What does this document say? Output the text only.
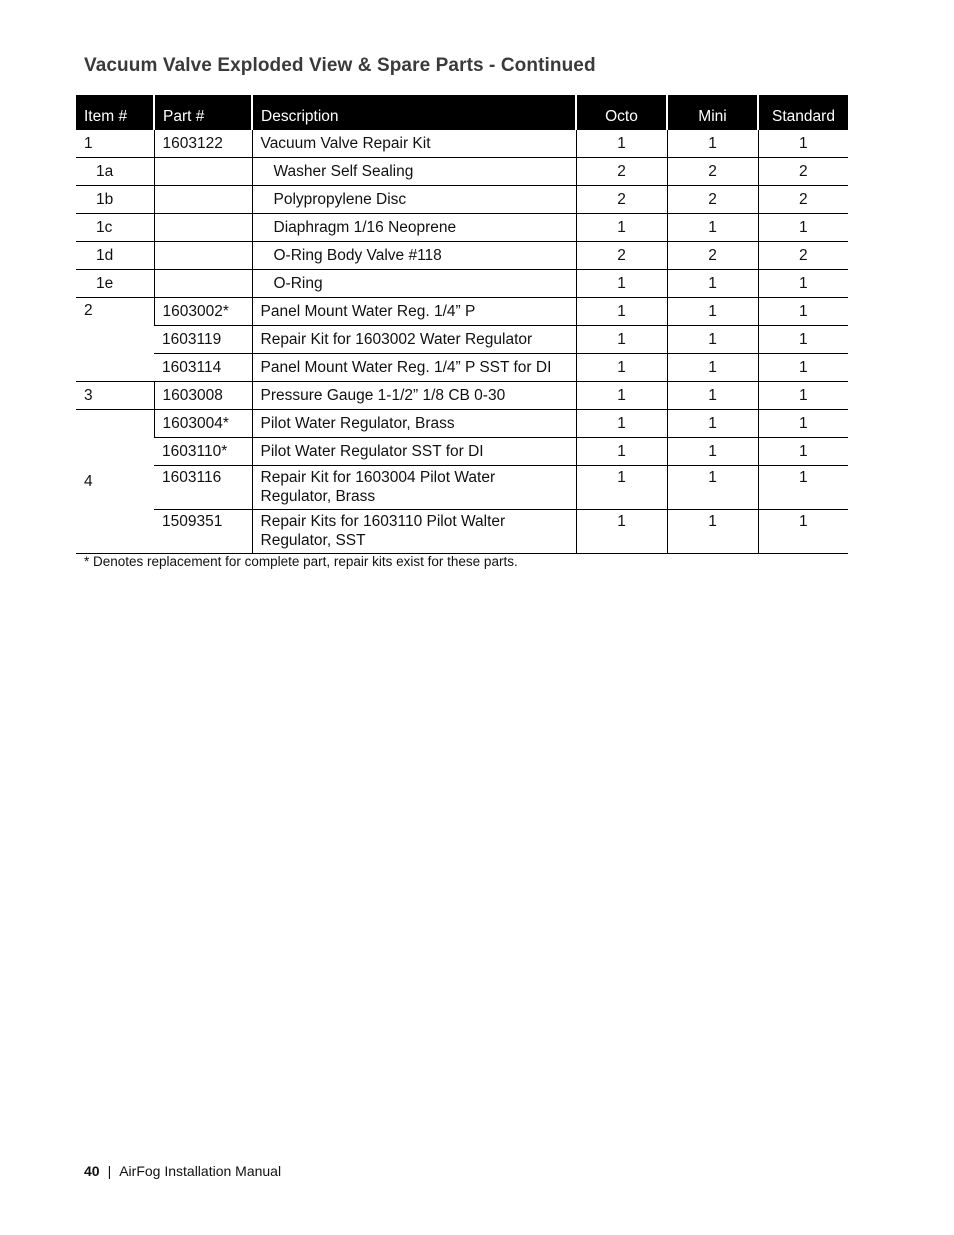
Vacuum Valve Exploded View & Spare Parts - Continued
Item #	Part #	Description	Octo	Mini	Standard
1	1603122	Vacuum Valve Repair Kit	1	1	1
1a		Washer Self Sealing	2	2	2
1b		Polypropylene Disc	2	2	2
1c		Diaphragm 1/16 Neoprene	1	1	1
1d		O-Ring Body Valve #118	2	2	2
1e		O-Ring	1	1	1
2	1603002*	Panel Mount Water Reg. 1/4” P	1	1	1
	1603119	Repair Kit for 1603002 Water Regulator	1	1	1
	1603114	Panel Mount Water Reg. 1/4” P SST for DI	1	1	1
3	1603008	Pressure Gauge 1-1/2” 1/8 CB 0-30	1	1	1
4	1603004*	Pilot Water Regulator, Brass	1	1	1
	1603110*	Pilot Water Regulator SST for DI	1	1	1
	1603116	Repair Kit for 1603004 Pilot Water Regulator, Brass	1	1	1
	1509351	Repair Kits for 1603110 Pilot Walter Regulator, SST	1	1	1
* Denotes replacement for complete part, repair kits exist for these parts.
40 | AirFog Installation Manual
